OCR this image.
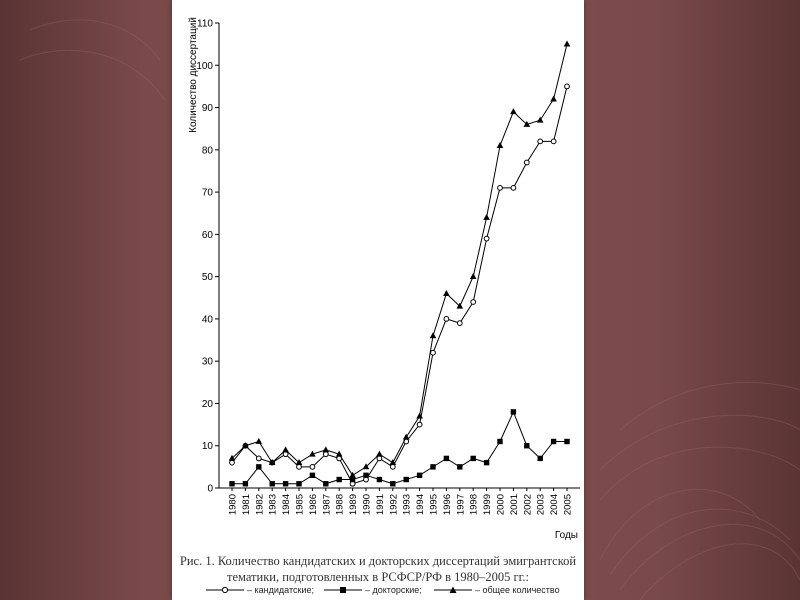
0
10
20
30
40
50
60
70
80
90
100
110
1980 1981 1982 1983 1984 1985 1986 1987 1988 1989 1990 1991 1992 1993 1994 1995 1996 1997 1998 1999 2000 2001 2002 2003 2004 2005
Количество диссертаций
Годы
Рис. 1. Количество кандидатских и докторских диссертаций эмигрантской
тематики, подготовленных в РСФСР/РФ в 1980–2005 гг.:
– кандидатские;	– докторские;	– общее количество
